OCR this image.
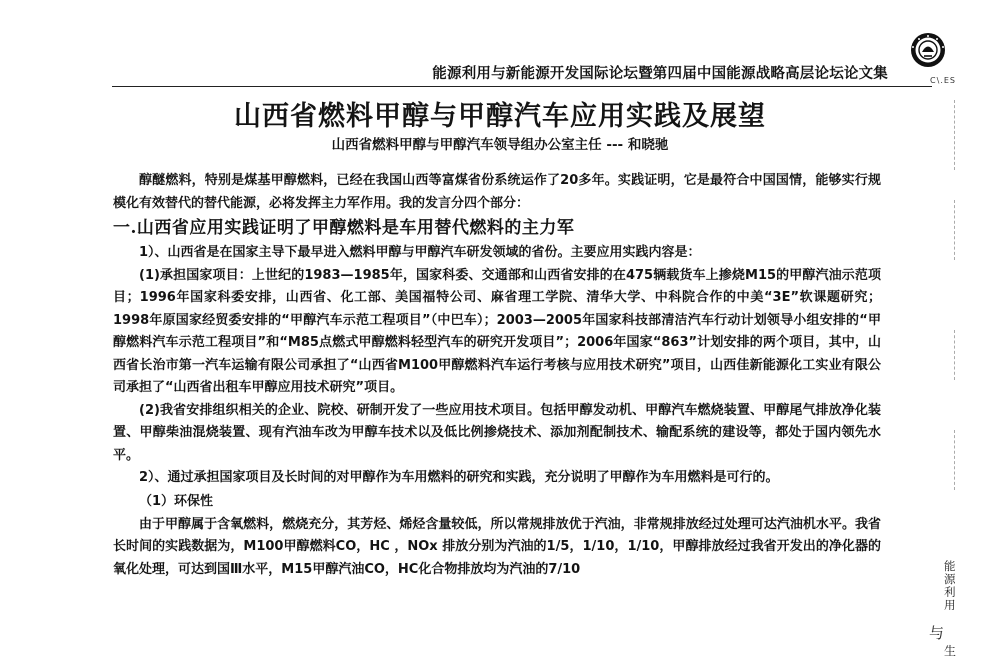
能源利用与新能源开发国际论坛暨第四届中国能源战略高层论坛论文集	C\.ES
山西省燃料甲醇与甲醇汽车应用实践及展望
山西省燃料甲醇与甲醇汽车领导组办公室主任 --- 和晓驰

醇醚燃料，特别是煤基甲醇燃料，已经在我国山西等富煤省份系统运作了20多年。实践证明，它是最符合中国国情，能够实行规模化有效替代的替代能源，必将发挥主力军作用。我的发言分四个部分：

一.山西省应用实践证明了甲醇燃料是车用替代燃料的主力军

1）、山西省是在国家主导下最早进入燃料甲醇与甲醇汽车研发领域的省份。主要应用实践内容是：

(1)承担国家项目：上世纪的1983—1985年，国家科委、交通部和山西省安排的在475辆载货车上掺烧M15的甲醇汽油示范项目；1996年国家科委安排，山西省、化工部、美国福特公司、麻省理工学院、清华大学、中科院合作的中美“3E”软课题研究；1998年原国家经贸委安排的“甲醇汽车示范工程项目”（中巴车）；2003—2005年国家科技部清洁汽车行动计划领导小组安排的“甲醇燃料汽车示范工程项目”和“M85点燃式甲醇燃料轻型汽车的研究开发项目”；2006年国家“863”计划安排的两个项目，其中，山西省长治市第一汽车运输有限公司承担了“山西省M100甲醇燃料汽车运行考核与应用技术研究”项目，山西佳新能源化工实业有限公司承担了“山西省出租车甲醇应用技术研究”项目。

(2)我省安排组织相关的企业、院校、研制开发了一些应用技术项目。包括甲醇发动机、甲醇汽车燃烧装置、甲醇尾气排放净化装置、甲醇柴油混烧装置、现有汽油车改为甲醇车技术以及低比例掺烧技术、添加剂配制技术、输配系统的建设等，都处于国内领先水平。

2）、通过承担国家项目及长时间的对甲醇作为车用燃料的研究和实践，充分说明了甲醇作为车用燃料是可行的。

（1）环保性

由于甲醇属于含氧燃料，燃烧充分，其芳烃、烯烃含量较低，所以常规排放优于汽油，非常规排放经过处理可达汽油机水平。我省长时间的实践数据为，M100甲醇燃料CO，HC ，NOx 排放分别为汽油的1/5，1/10，1/10，甲醇排放经过我省开发出的净化器的氧化处理，可达到国Ⅲ水平，M15甲醇汽油CO，HC化合物排放均为汽油的7/10	能源利用
与
生
